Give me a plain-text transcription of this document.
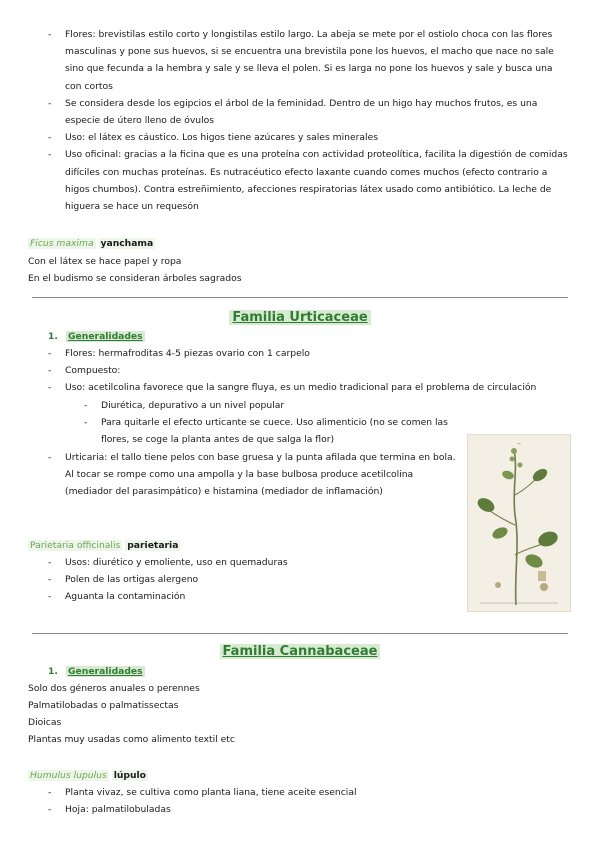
- Flores: brevistilas estilo corto y longistilas estilo largo. La abeja se mete por el ostiolo choca con las flores masculinas y pone sus huevos, si se encuentra una brevistila pone los huevos, el macho que nace no sale sino que fecunda a la hembra y sale y se lleva el polen. Si es larga no pone los huevos y sale y busca una con cortos
- Se considera desde los egipcios el árbol de la feminidad. Dentro de un higo hay muchos frutos, es una especie de útero lleno de óvulos
- Uso: el látex es cáustico. Los higos tiene azúcares y sales minerales
- Uso oficinal: gracias a la ficina que es una proteína con actividad proteolítica, facilita la digestión de comidas difíciles con muchas proteínas. Es nutracéutico efecto laxante cuando comes muchos (efecto contrario a higos chumbos). Contra estreñimiento, afecciones respiratorias látex usado como antibiótico. La leche de higuera se hace un requesón
Ficus maxima yanchama
Con el látex se hace papel y ropa
En el budismo se consideran árboles sagrados
Familia Urticaceae
1. Generalidades
- Flores: hermafroditas 4-5 piezas ovario con 1 carpelo
- Compuesto:
- Uso: acetilcolina favorece que la sangre fluya, es un medio tradicional para el problema de circulación
- Diurética, depurativo a un nivel popular
- Para quitarle el efecto urticante se cuece. Uso alimenticio (no se comen las flores, se coge la planta antes de que salga la flor)
- Urticaria: el tallo tiene pelos con base gruesa y la punta afilada que termina en bola. Al tocar se rompe como una ampolla y la base bulbosa produce acetilcolina (mediador del parasimpático) e histamina (mediador de inflamación)
~
Parietaria officinalis parietaria
- Usos: diurético y emoliente, uso en quemaduras
- Polen de las ortigas alergeno
- Aguanta la contaminación
Familia Cannabaceae
1. Generalidades
Solo dos géneros anuales o perennes
Palmatilobadas o palmatissectas
Dioicas
Plantas muy usadas como alimento textil etc
Humulus lupulus lúpulo
- Planta vivaz, se cultiva como planta liana, tiene aceite esencial
- Hoja: palmatilobuladas
